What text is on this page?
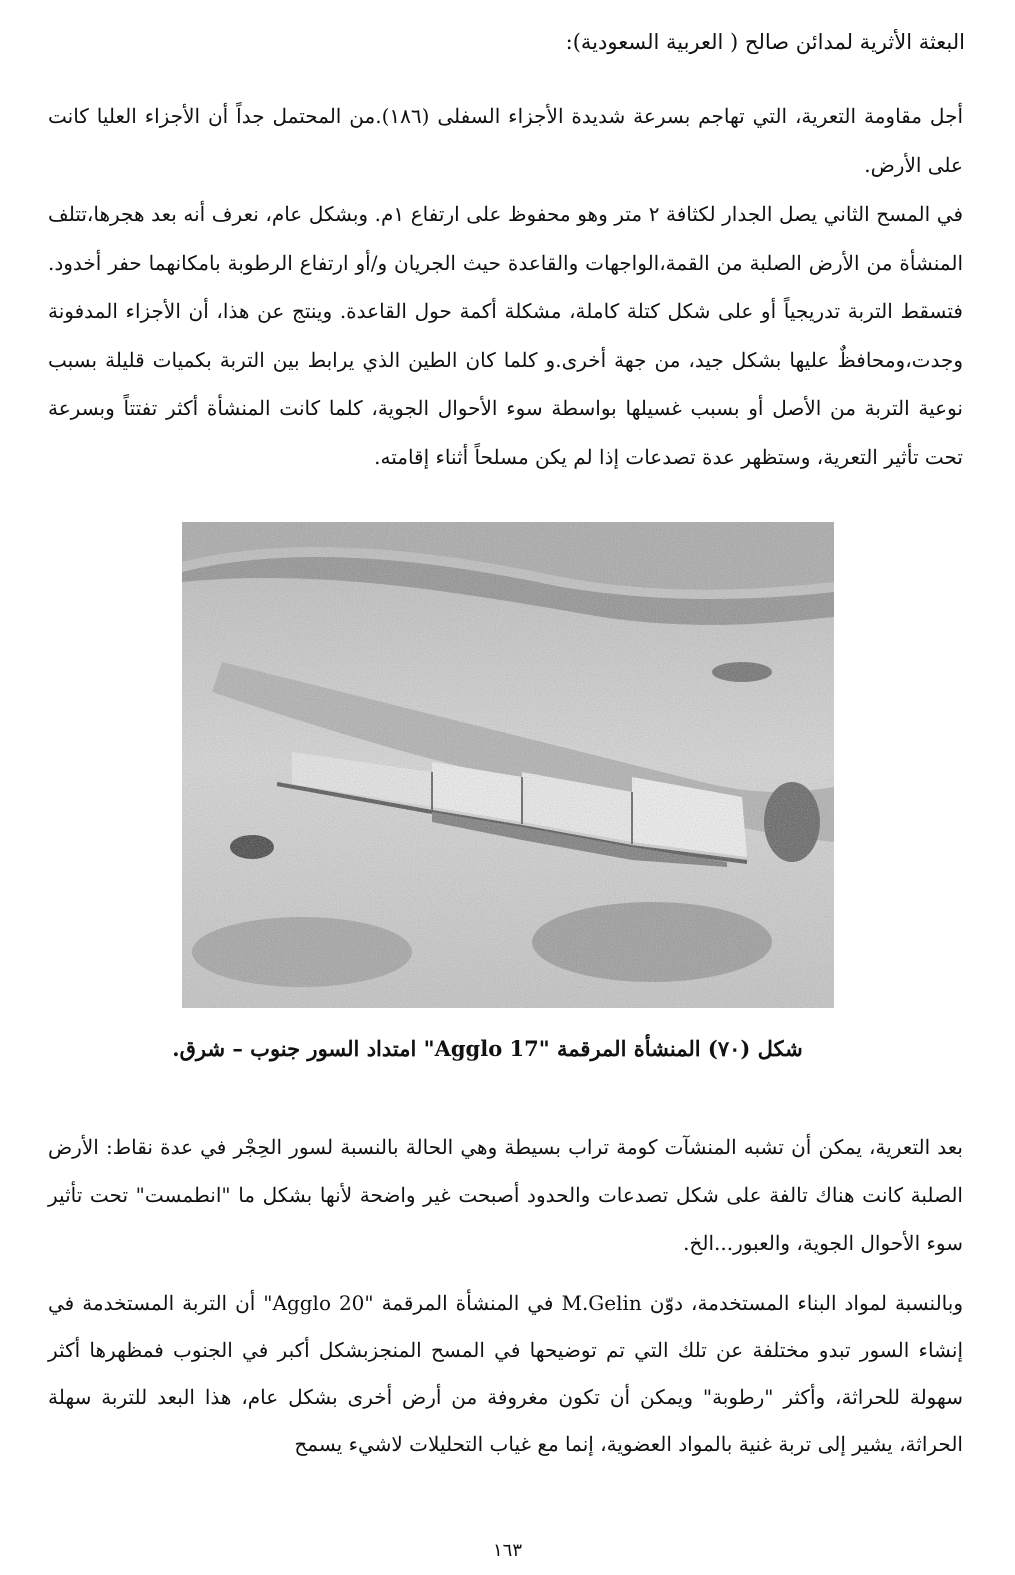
البعثة الأثرية لمدائن صالح ( العربية السعودية):

أجل مقاومة التعرية، التي تهاجم بسرعة شديدة الأجزاء السفلى (١٨٦).من المحتمل جداً أن الأجزاء العليا كانت على الأرض.

في المسح الثاني يصل الجدار لكثافة ٢ متر وهو محفوظ على ارتفاع ١م. وبشكل عام، نعرف أنه بعد هجرها،تتلف المنشأة من الأرض الصلبة من القمة،الواجهات والقاعدة حيث الجريان و/أو ارتفاع الرطوبة بامكانهما حفر أخدود. فتسقط التربة تدريجياً أو على شكل كتلة كاملة، مشكلة أكمة حول القاعدة. وينتج عن هذا، أن الأجزاء المدفونة وجدت،ومحافظٌ عليها بشكل جيد، من جهة أخرى.و كلما كان الطين الذي يرابط بين التربة بكميات قليلة بسبب نوعية التربة من الأصل أو بسبب غسيلها بواسطة سوء الأحوال الجوية، كلما كانت المنشأة أكثر تفتتاً وبسرعة تحت تأثير التعرية، وستظهر عدة تصدعات إذا لم يكن مسلحاً أثناء إقامته.

شكل (٧٠) المنشأة المرقمة "Agglo 17" امتداد السور جنوب – شرق.

بعد التعرية، يمكن أن تشبه المنشآت كومة تراب بسيطة وهي الحالة بالنسبة لسور الحِجْر في عدة نقاط: الأرض الصلبة كانت هناك تالفة على شكل تصدعات والحدود أصبحت غير واضحة لأنها بشكل ما "انطمست" تحت تأثير سوء الأحوال الجوية، والعبور...الخ.

وبالنسبة لمواد البناء المستخدمة، دوّن M.Gelin في المنشأة المرقمة "Agglo 20" أن التربة المستخدمة في إنشاء السور تبدو مختلفة عن تلك التي تم توضيحها في المسح المنجزبشكل أكبر في الجنوب فمظهرها أكثر سهولة للحراثة، وأكثر "رطوبة" ويمكن أن تكون مغروفة من أرض أخرى بشكل عام، هذا البعد للتربة سهلة الحراثة، يشير إلى تربة غنية بالمواد العضوية، إنما مع غياب التحليلات لاشيء يسمح

١٦٣
